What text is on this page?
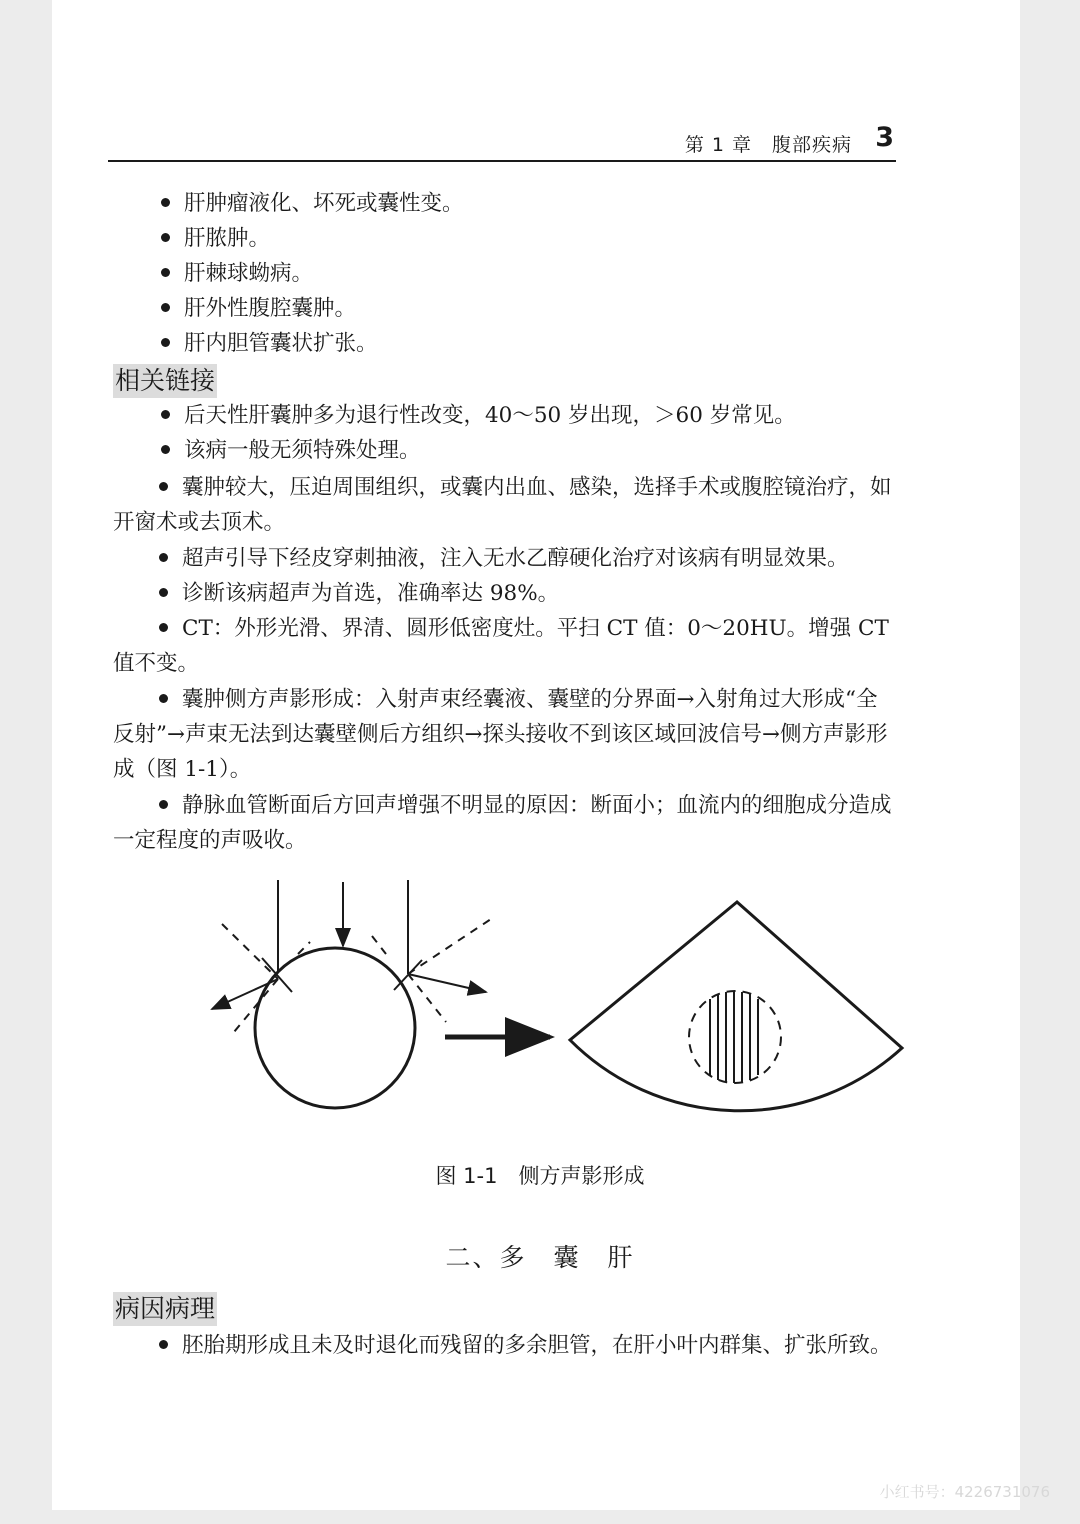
第 1 章　腹部疾病 3
肝肿瘤液化、坏死或囊性变。
肝脓肿。
肝棘球蚴病。
肝外性腹腔囊肿。
肝内胆管囊状扩张。
相关链接
后天性肝囊肿多为退行性改变，40～50 岁出现，＞60 岁常见。
该病一般无须特殊处理。
囊肿较大，压迫周围组织，或囊内出血、感染，选择手术或腹腔镜治疗，如开窗术或去顶术。
超声引导下经皮穿刺抽液，注入无水乙醇硬化治疗对该病有明显效果。
诊断该病超声为首选，准确率达 98%。
CT：外形光滑、界清、圆形低密度灶。平扫 CT 值：0～20HU。增强 CT 值不变。
囊肿侧方声影形成：入射声束经囊液、囊壁的分界面→入射角过大形成“全反射”→声束无法到达囊壁侧后方组织→探头接收不到该区域回波信号→侧方声影形成（图 1-1）。
静脉血管断面后方回声增强不明显的原因：断面小；血流内的细胞成分造成一定程度的声吸收。
图 1-1　侧方声影形成
二、多　囊　肝
病因病理
胚胎期形成且未及时退化而残留的多余胆管，在肝小叶内群集、扩张所致。
小红书号：4226731076
